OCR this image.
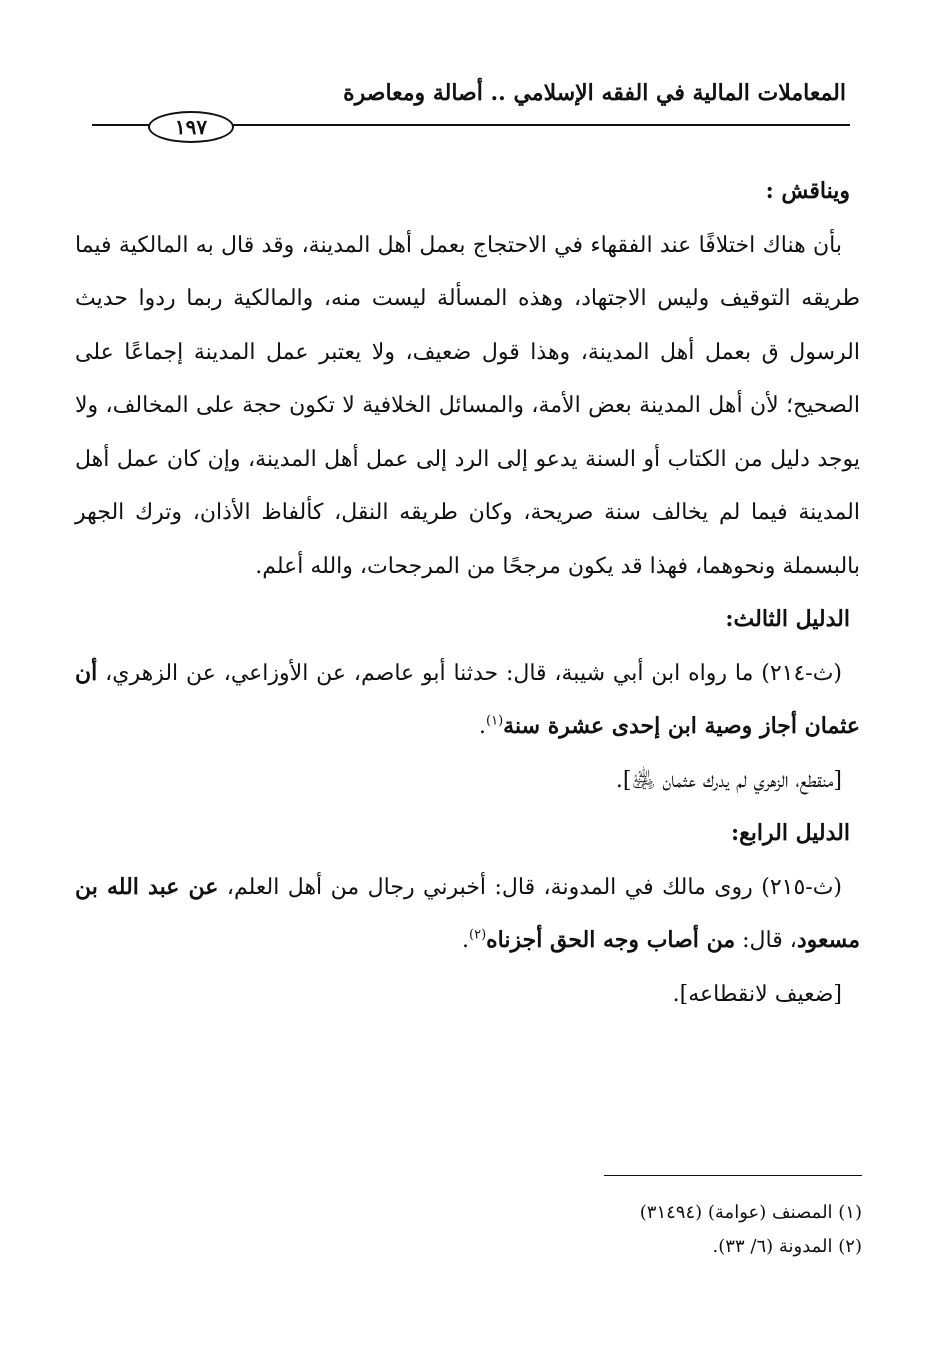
المعاملات المالية في الفقه الإسلامي .. أصالة ومعاصرة
١٩٧

ويناقش :

بأن هناك اختلافًا عند الفقهاء في الاحتجاج بعمل أهل المدينة، وقد قال به المالكية فيما طريقه التوقيف وليس الاجتهاد، وهذه المسألة ليست منه، والمالكية ربما ردوا حديث الرسول ق بعمل أهل المدينة، وهذا قول ضعيف، ولا يعتبر عمل المدينة إجماعًا على الصحيح؛ لأن أهل المدينة بعض الأمة، والمسائل الخلافية لا تكون حجة على المخالف، ولا يوجد دليل من الكتاب أو السنة يدعو إلى الرد إلى عمل أهل المدينة، وإن كان عمل أهل المدينة فيما لم يخالف سنة صريحة، وكان طريقه النقل، كألفاظ الأذان، وترك الجهر بالبسملة ونحوهما، فهذا قد يكون مرجحًا من المرجحات، والله أعلم.

الدليل الثالث:

(ث-٢١٤) ما رواه ابن أبي شيبة، قال: حدثنا أبو عاصم، عن الأوزاعي، عن الزهري، أن عثمان أجاز وصية ابن إحدى عشرة سنة$^{(١)}$.

[منقطع، الزهري لم يدرك عثمان ﵁].

الدليل الرابع:

(ث-٢١٥) روى مالك في المدونة، قال: أخبرني رجال من أهل العلم، عن عبد الله بن مسعود، قال: من أصاب وجه الحق أجزناه$^{(٢)}$.

[ضعيف لانقطاعه].

(١) المصنف (عوامة) (٣١٤٩٤)

(٢) المدونة (٦/ ٣٣).
